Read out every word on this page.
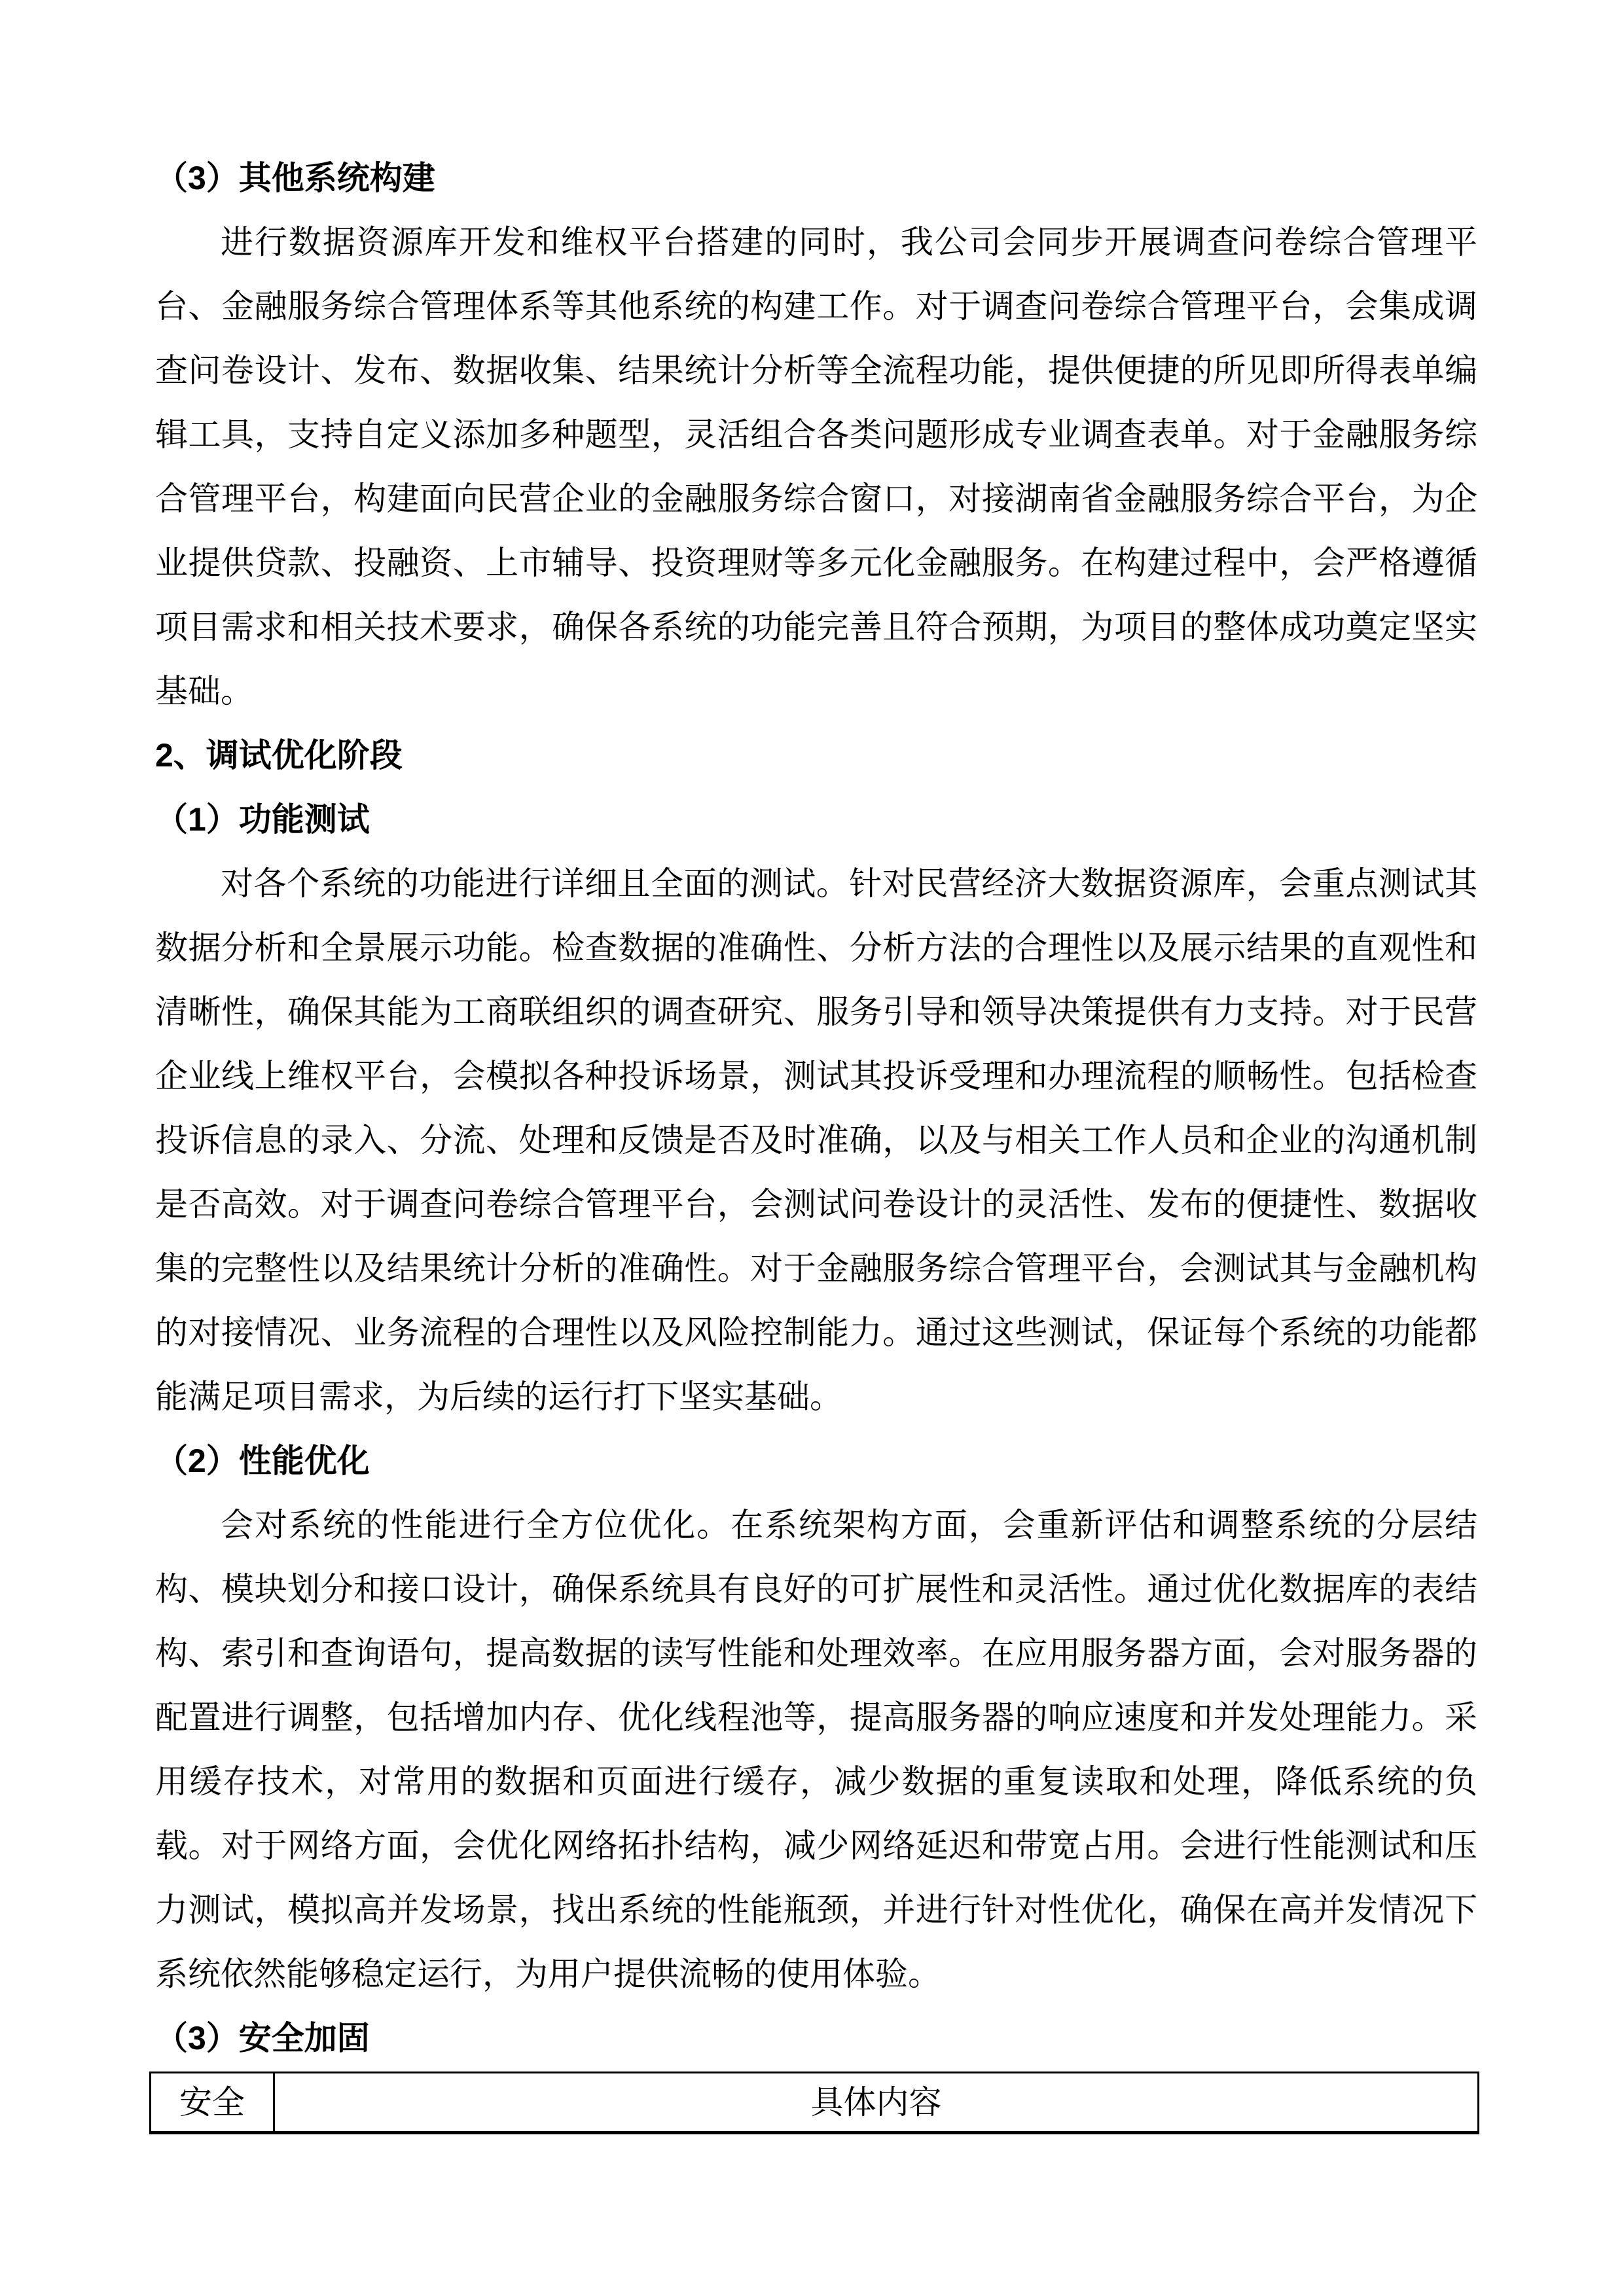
（3）其他系统构建

进行数据资源库开发和维权平台搭建的同时，我公司会同步开展调查问卷综合管理平台、金融服务综合管理体系等其他系统的构建工作。对于调查问卷综合管理平台，会集成调查问卷设计、发布、数据收集、结果统计分析等全流程功能，提供便捷的所见即所得表单编辑工具，支持自定义添加多种题型，灵活组合各类问题形成专业调查表单。对于金融服务综合管理平台，构建面向民营企业的金融服务综合窗口，对接湖南省金融服务综合平台，为企业提供贷款、投融资、上市辅导、投资理财等多元化金融服务。在构建过程中，会严格遵循项目需求和相关技术要求，确保各系统的功能完善且符合预期，为项目的整体成功奠定坚实基础。

2、调试优化阶段
（1）功能测试

对各个系统的功能进行详细且全面的测试。针对民营经济大数据资源库，会重点测试其数据分析和全景展示功能。检查数据的准确性、分析方法的合理性以及展示结果的直观性和清晰性，确保其能为工商联组织的调查研究、服务引导和领导决策提供有力支持。对于民营企业线上维权平台，会模拟各种投诉场景，测试其投诉受理和办理流程的顺畅性。包括检查投诉信息的录入、分流、处理和反馈是否及时准确，以及与相关工作人员和企业的沟通机制是否高效。对于调查问卷综合管理平台，会测试问卷设计的灵活性、发布的便捷性、数据收集的完整性以及结果统计分析的准确性。对于金融服务综合管理平台，会测试其与金融机构的对接情况、业务流程的合理性以及风险控制能力。通过这些测试，保证每个系统的功能都能满足项目需求，为后续的运行打下坚实基础。

（2）性能优化

会对系统的性能进行全方位优化。在系统架构方面，会重新评估和调整系统的分层结构、模块划分和接口设计，确保系统具有良好的可扩展性和灵活性。通过优化数据库的表结构、索引和查询语句，提高数据的读写性能和处理效率。在应用服务器方面，会对服务器的配置进行调整，包括增加内存、优化线程池等，提高服务器的响应速度和并发处理能力。采用缓存技术，对常用的数据和页面进行缓存，减少数据的重复读取和处理，降低系统的负载。对于网络方面，会优化网络拓扑结构，减少网络延迟和带宽占用。会进行性能测试和压力测试，模拟高并发场景，找出系统的性能瓶颈，并进行针对性优化，确保在高并发情况下系统依然能够稳定运行，为用户提供流畅的使用体验。

（3）安全加固
安全	具体内容
